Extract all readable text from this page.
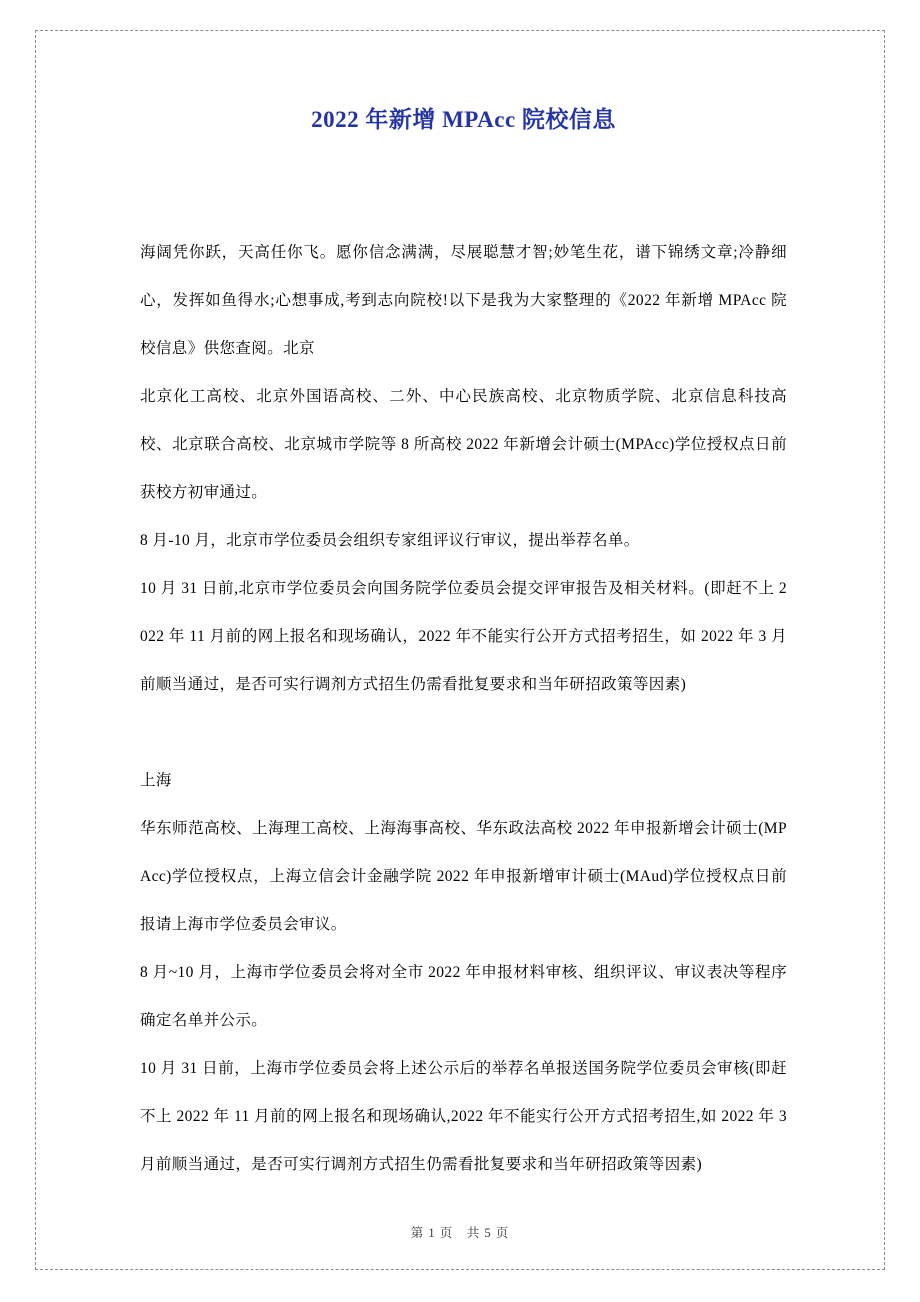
2022 年新增 MPAcc 院校信息

海阔凭你跃，天高任你飞。愿你信念满满，尽展聪慧才智;妙笔生花，谱下锦绣文章;冷静细心，发挥如鱼得水;心想事成,考到志向院校!以下是我为大家整理的《2022 年新增 MPAcc 院校信息》供您查阅。北京

北京化工高校、北京外国语高校、二外、中心民族高校、北京物质学院、北京信息科技高校、北京联合高校、北京城市学院等 8 所高校 2022 年新增会计硕士(MPAcc)学位授权点日前获校方初审通过。

8 月-10 月，北京市学位委员会组织专家组评议行审议，提出举荐名单。

10 月 31 日前,北京市学位委员会向国务院学位委员会提交评审报告及相关材料。(即赶不上 2022 年 11 月前的网上报名和现场确认，2022 年不能实行公开方式招考招生，如 2022 年 3 月前顺当通过，是否可实行调剂方式招生仍需看批复要求和当年研招政策等因素)

上海

华东师范高校、上海理工高校、上海海事高校、华东政法高校 2022 年申报新增会计硕士(MPAcc)学位授权点，上海立信会计金融学院 2022 年申报新增审计硕士(MAud)学位授权点日前报请上海市学位委员会审议。

8 月~10 月，上海市学位委员会将对全市 2022 年申报材料审核、组织评议、审议表决等程序确定名单并公示。

10 月 31 日前，上海市学位委员会将上述公示后的举荐名单报送国务院学位委员会审核(即赶不上 2022 年 11 月前的网上报名和现场确认,2022 年不能实行公开方式招考招生,如 2022 年 3 月前顺当通过，是否可实行调剂方式招生仍需看批复要求和当年研招政策等因素)

第 1 页　共 5 页
